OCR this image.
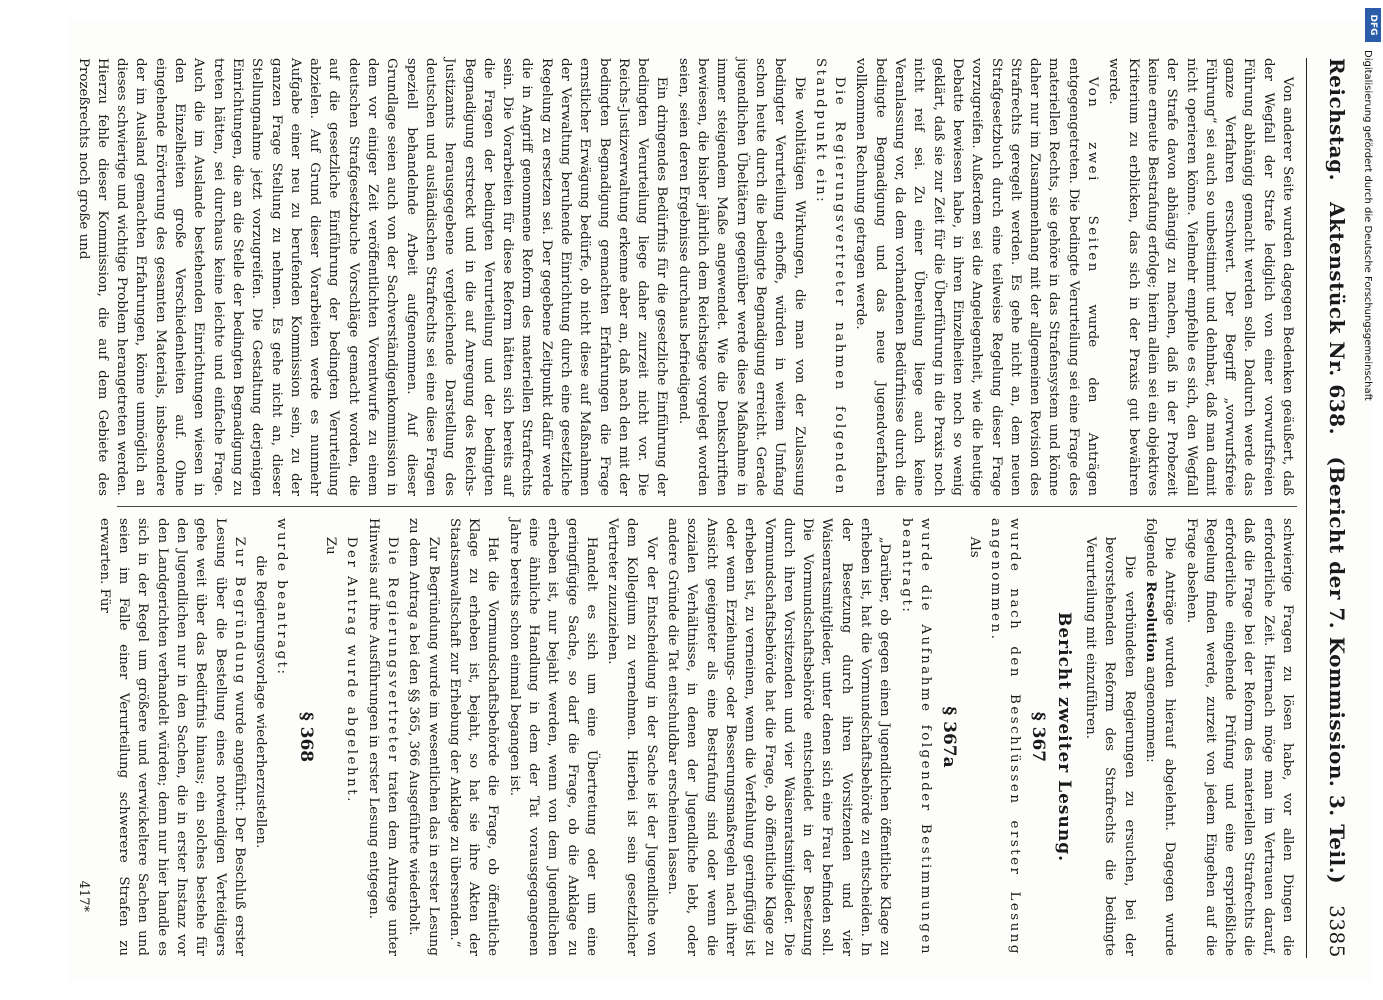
Reichstag.
Aktenstück Nr. 638. (Bericht der 7. Kommission. 3. Teil.)
3385

Von anderer Seite wurden dagegen Bedenken geäußert, daß der Wegfall der Strafe lediglich von einer vorwurfsfreien Führung abhängig gemacht werden solle. Dadurch werde das ganze Verfahren erschwert. Der Begriff „vorwurfsfreie Führung“ sei auch so unbestimmt und dehnbar, daß man damit nicht operieren könne. Vielmehr empfehle es sich, den Wegfall der Strafe davon abhängig zu machen, daß in der Probezeit keine erneute Bestrafung erfolge; hierin allein sei ein objektives Kriterium zu erblicken, das sich in der Praxis gut bewähren werde.

Von zwei Seiten wurde den Anträgen entgegengetreten. Die bedingte Verurteilung sei eine Frage des materiellen Rechts, sie gehöre in das Strafensystem und könne daher nur im Zusammenhang mit der allgemeinen Revision des Strafrechts geregelt werden. Es gehe nicht an, dem neuen Strafgesetzbuch durch eine teilweise Regelung dieser Frage vorzugreifen. Außerdem sei die Angelegenheit, wie die heutige Debatte bewiesen habe, in ihren Einzelheiten noch so wenig geklärt, daß sie zur Zeit für die Überführung in die Praxis noch nicht reif sei. Zu einer Übereilung liege auch keine Veranlassung vor, da dem vorhandenen Bedürfnisse durch die bedingte Begnadigung und das neue Jugendverfahren vollkommen Rechnung getragen werde.

Die Regierungsvertreter nahmen folgenden Standpunkt ein:

Die wohltätigen Wirkungen, die man von der Zulassung bedingter Verurteilung erhoffe, würden in weitem Umfang schon heute durch die bedingte Begnadigung erreicht. Gerade jugendlichen Übeltätern gegenüber werde diese Maßnahme in immer steigendem Maße angewendet. Wie die Denkschriften bewiesen, die bisher jährlich dem Reichstage vorgelegt worden seien, seien deren Ergebnisse durchaus befriedigend.

Ein dringendes Bedürfnis für die gesetzliche Einführung der bedingten Verurteilung liege daher zurzeit nicht vor. Die Reichs-Justizverwaltung erkenne aber an, daß nach den mit der bedingten Begnadigung gemachten Erfahrungen die Frage ernstlicher Erwägung bedürfe, ob nicht diese auf Maßnahmen der Verwaltung beruhende Einrichtung durch eine gesetzliche Regelung zu ersetzen sei. Der gegebene Zeitpunkt dafür werde die in Angriff genommene Reform des materiellen Strafrechts sein. Die Vorarbeiten für diese Reform hätten sich bereits auf die Fragen der bedingten Verurteilung und der bedingten Begnadigung erstreckt und in die auf Anregung des Reichs-Justizamts herausgegebene vergleichende Darstellung des deutschen und ausländischen Strafrechts sei eine diese Fragen speziell behandelnde Arbeit aufgenommen. Auf dieser Grundlage seien auch von der Sachverständigenkommission in dem vor einiger Zeit veröffentlichten Vorentwurfe zu einem deutschen Strafgesetzbuche Vorschläge gemacht worden, die auf die gesetzliche Einführung der bedingten Verurteilung abzielen. Auf Grund dieser Vorarbeiten werde es nunmehr Aufgabe einer neu zu berufenden Kommission sein, zu der ganzen Frage Stellung zu nehmen. Es gehe nicht an, dieser Stellungnahme jetzt vorzugreifen. Die Gestaltung derjenigen Einrichtungen, die an die Stelle der bedingten Begnadigung zu treten hätten, sei durchaus keine leichte und einfache Frage. Auch die im Auslande bestehenden Einrichtungen wiesen in den Einzelheiten große Verschiedenheiten auf. Ohne eingehende Erörterung des gesamten Materials, insbesondere der im Ausland gemachten Erfahrungen, könne unmöglich an dieses schwierige und wichtige Problem herangetreten werden. Hierzu fehle dieser Kommission, die auf dem Gebiete des Prozeßrechts noch große und

schwierige Fragen zu lösen habe, vor allen Dingen die erforderliche Zeit. Hiernach möge man im Vertrauen darauf, daß die Frage bei der Reform des materiellen Strafrechts die erforderliche eingehende Prüfung und eine ersprießliche Regelung finden werde, zurzeit von jedem Eingehen auf die Frage absehen.

Die Anträge wurden hierauf abgelehnt. Dagegen wurde folgende Resolution angenommen:

Die verbündeten Regierungen zu ersuchen, bei der bevorstehenden Reform des Strafrechts die bedingte Verurteilung mit einzuführen.

Bericht zweiter Lesung.
§ 367

wurde nach den Beschlüssen erster Lesung angenommen.

Als

§ 367a

wurde die Aufnahme folgender Bestimmungen beantragt:

„Darüber, ob gegen einen Jugendlichen öffentliche Klage zu erheben ist, hat die Vormundschaftsbehörde zu entscheiden. In der Besetzung durch ihren Vorsitzenden und vier Waisenratsmitglieder, unter denen sich eine Frau befinden soll. Die Vormundschaftsbehörde entscheidet in der Besetzung durch ihren Vorsitzenden und vier Waisenratsmitglieder. Die Vormundschaftsbehörde hat die Frage, ob öffentliche Klage zu erheben ist, zu verneinen, wenn die Verfehlung geringfügig ist oder wenn Erziehungs- oder Besserungsmaßregeln nach ihrer Ansicht geeigneter als eine Bestrafung sind oder wenn die sozialen Verhältnisse, in denen der Jugendliche lebt, oder andere Gründe die Tat entschuldbar erscheinen lassen.

Vor der Entscheidung in der Sache ist der Jugendliche von dem Kollegium zu vernehmen. Hierbei ist sein gesetzlicher Vertreter zuzuziehen.

Handelt es sich um eine Übertretung oder um eine geringfügige Sache, so darf die Frage, ob die Anklage zu erheben ist, nur bejaht werden, wenn von dem Jugendlichen eine ähnliche Handlung in dem der Tat vorausgegangenen Jahre bereits schon einmal begangen ist.

Hat die Vormundschaftsbehörde die Frage, ob öffentliche Klage zu erheben ist, bejaht, so hat sie ihre Akten der Staatsanwaltschaft zur Erhebung der Anklage zu übersenden.“

Zur Begründung wurde im wesentlichen das in erster Lesung zu dem Antrag a bei den §§ 365, 366 Ausgeführte wiederholt.

Die Regierungsvertreter traten dem Antrage unter Hinweis auf ihre Ausführungen in erster Lesung entgegen.

Der Antrag wurde abgelehnt.

Zu

§ 368

wurde beantragt:

die Regierungsvorlage wiederherzustellen.

Zur Begründung wurde angeführt: Der Beschluß erster Lesung über die Bestellung eines notwendigen Verteidigers gehe weit über das Bedürfnis hinaus; ein solches bestehe für den Jugendlichen nur in den Sachen, die in erster Instanz vor den Landgerichten verhandelt würden; denn nur hier handle es sich in der Regel um größere und verwickeltere Sachen und seien im Falle einer Verurteilung schwerere Strafen zu erwarten. Für

417*
DFG
Digitalisierung gefördert durch die Deutsche Forschungsgemeinschaft
